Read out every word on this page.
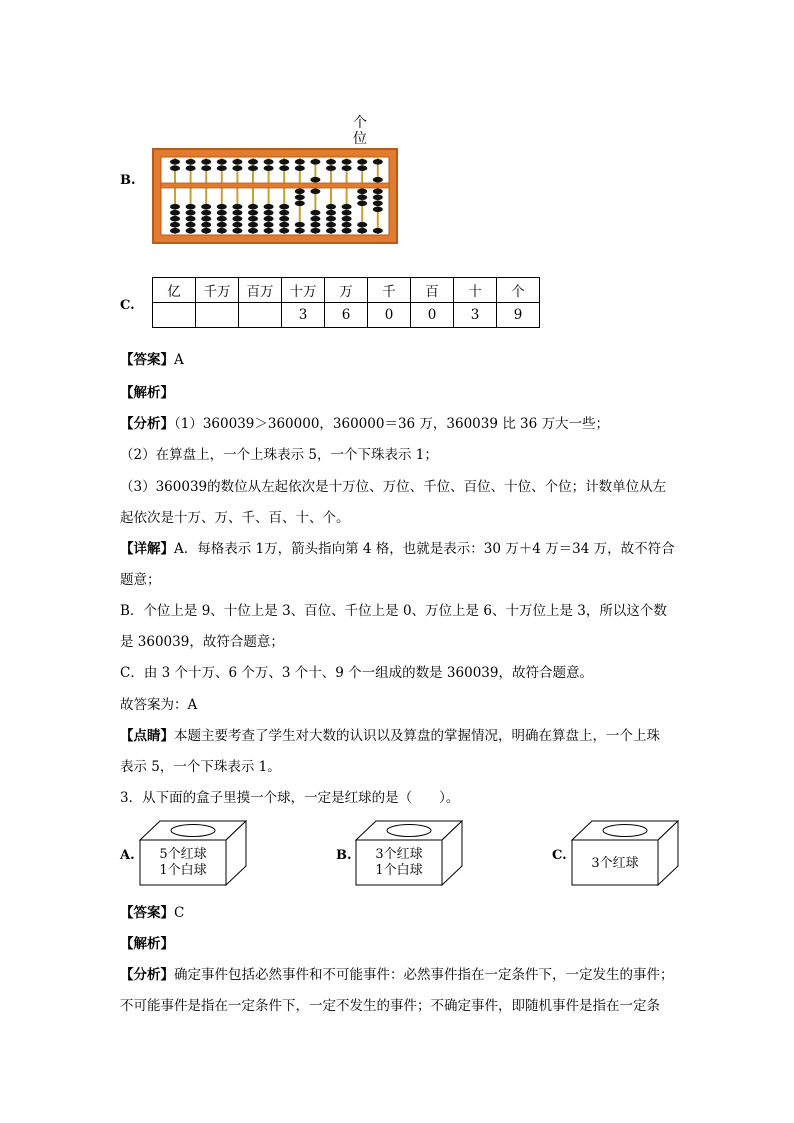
B.
个
位
C.
亿	千万	百万	十万	万	千	百	十	个
			3	6	0	0	3	9
【答案】A
【解析】
【分析】（1）360039＞360000，360000＝36 万，360039 比 36 万大一些；
（2）在算盘上，一个上珠表示 5，一个下珠表示 1；
（3）360039的数位从左起依次是十万位、万位、千位、百位、十位、个位；计数单位从左
起依次是十万、万、千、百、十、个。
【详解】A．每格表示 1万，箭头指向第 4 格，也就是表示：30 万＋4 万＝34 万，故不符合
题意；
B．个位上是 9、十位上是 3、百位、千位上是 0、万位上是 6、十万位上是 3，所以这个数
是 360039，故符合题意；
C．由 3 个十万、6 个万、3 个十、9 个一组成的数是 360039，故符合题意。
故答案为：A
【点睛】本题主要考查了学生对大数的认识以及算盘的掌握情况，明确在算盘上，一个上珠
表示 5，一个下珠表示 1。
3．从下面的盒子里摸一个球，一定是红球的是（　　）。
A.	5个红球
1个白球
B.	3个红球
1个白球
C.
3个红球
【答案】C
【解析】
【分析】确定事件包括必然事件和不可能事件：必然事件指在一定条件下，一定发生的事件；
不可能事件是指在一定条件下，一定不发生的事件；不确定事件，即随机事件是指在一定条
